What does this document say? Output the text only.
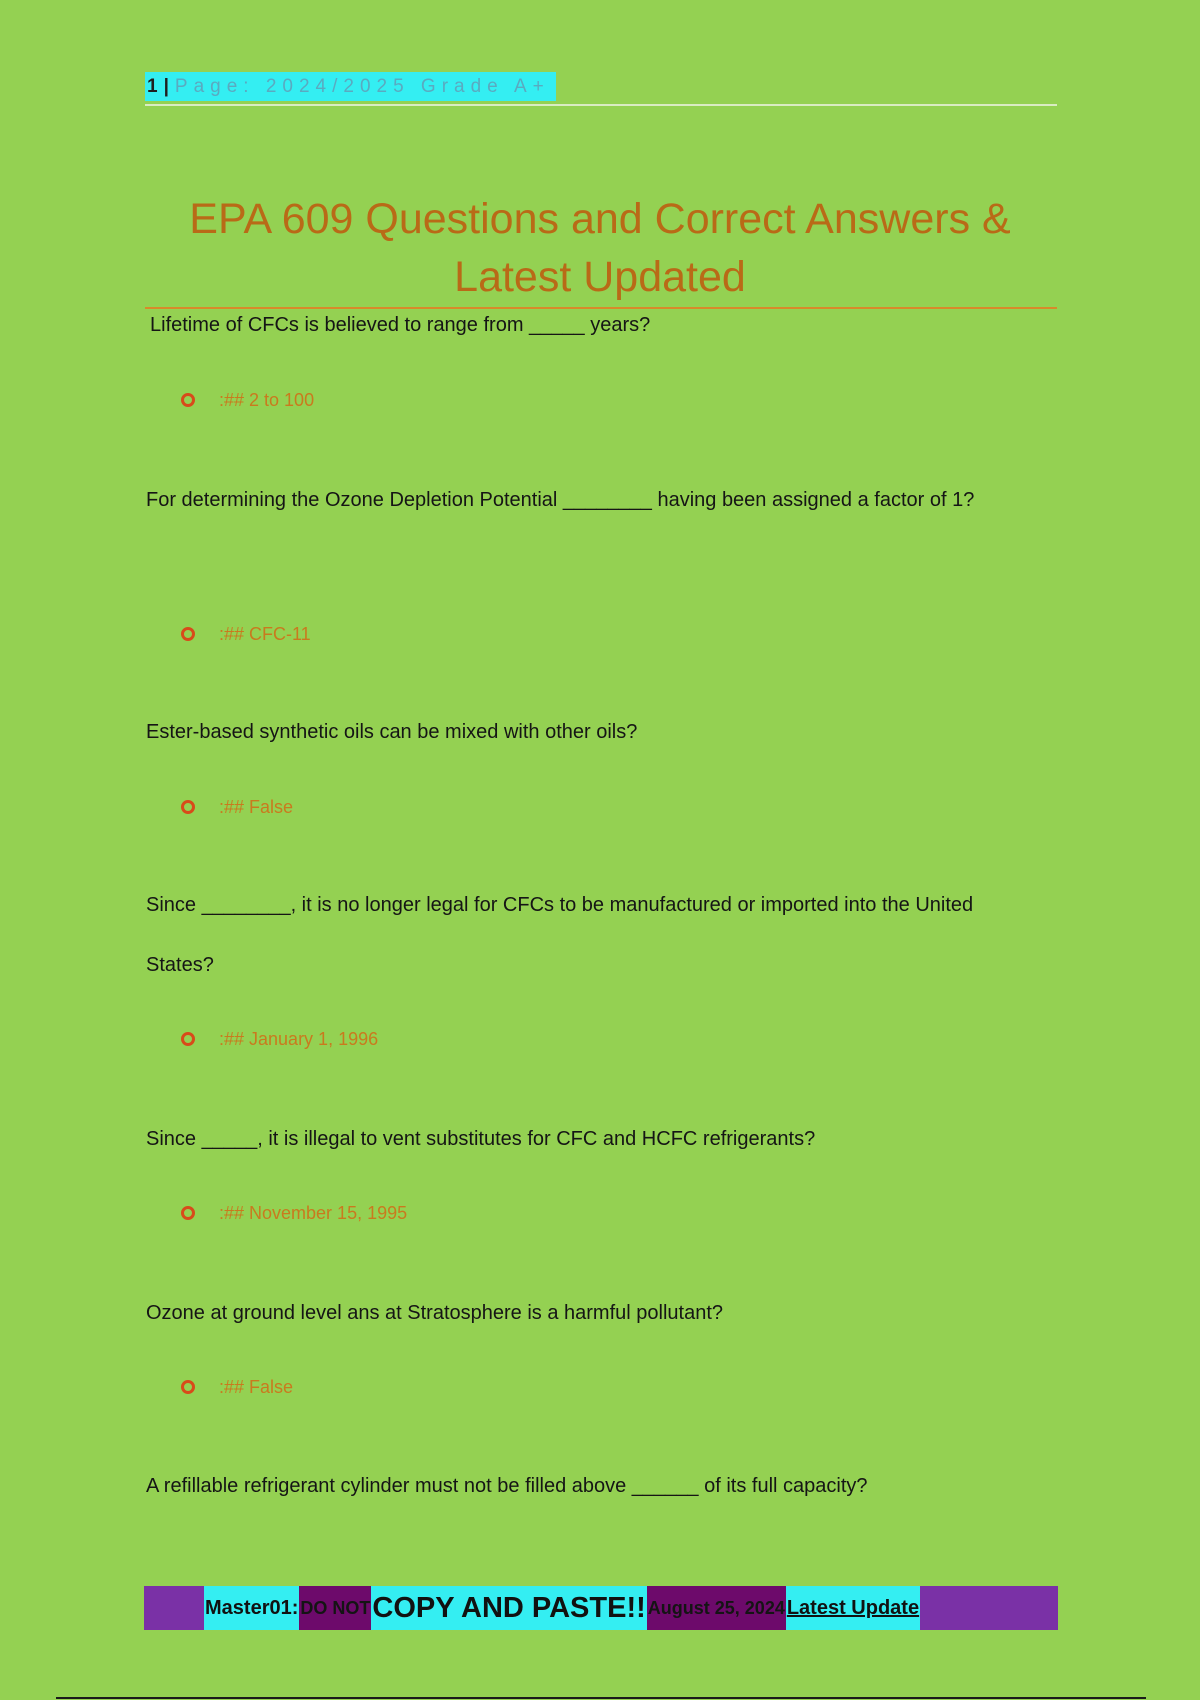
1 | Page: 2024/2025 Grade A+
EPA 609 Questions and Correct Answers &
Latest Updated

Lifetime of CFCs is believed to range from _____ years?

:## 2 to 100

For determining the Ozone Depletion Potential ________ having been assigned a factor of 1?

:## CFC-11

Ester-based synthetic oils can be mixed with other oils?

:## False

Since ________, it is no longer legal for CFCs to be manufactured or imported into the United States?

:## January 1, 1996

Since _____, it is illegal to vent substitutes for CFC and HCFC refrigerants?

:## November 15, 1995

Ozone at ground level ans at Stratosphere is a harmful pollutant?

:## False

A refillable refrigerant cylinder must not be filled above ______ of its full capacity?

Master01: DO NOT COPY AND PASTE!! August 25, 2024 Latest Update
